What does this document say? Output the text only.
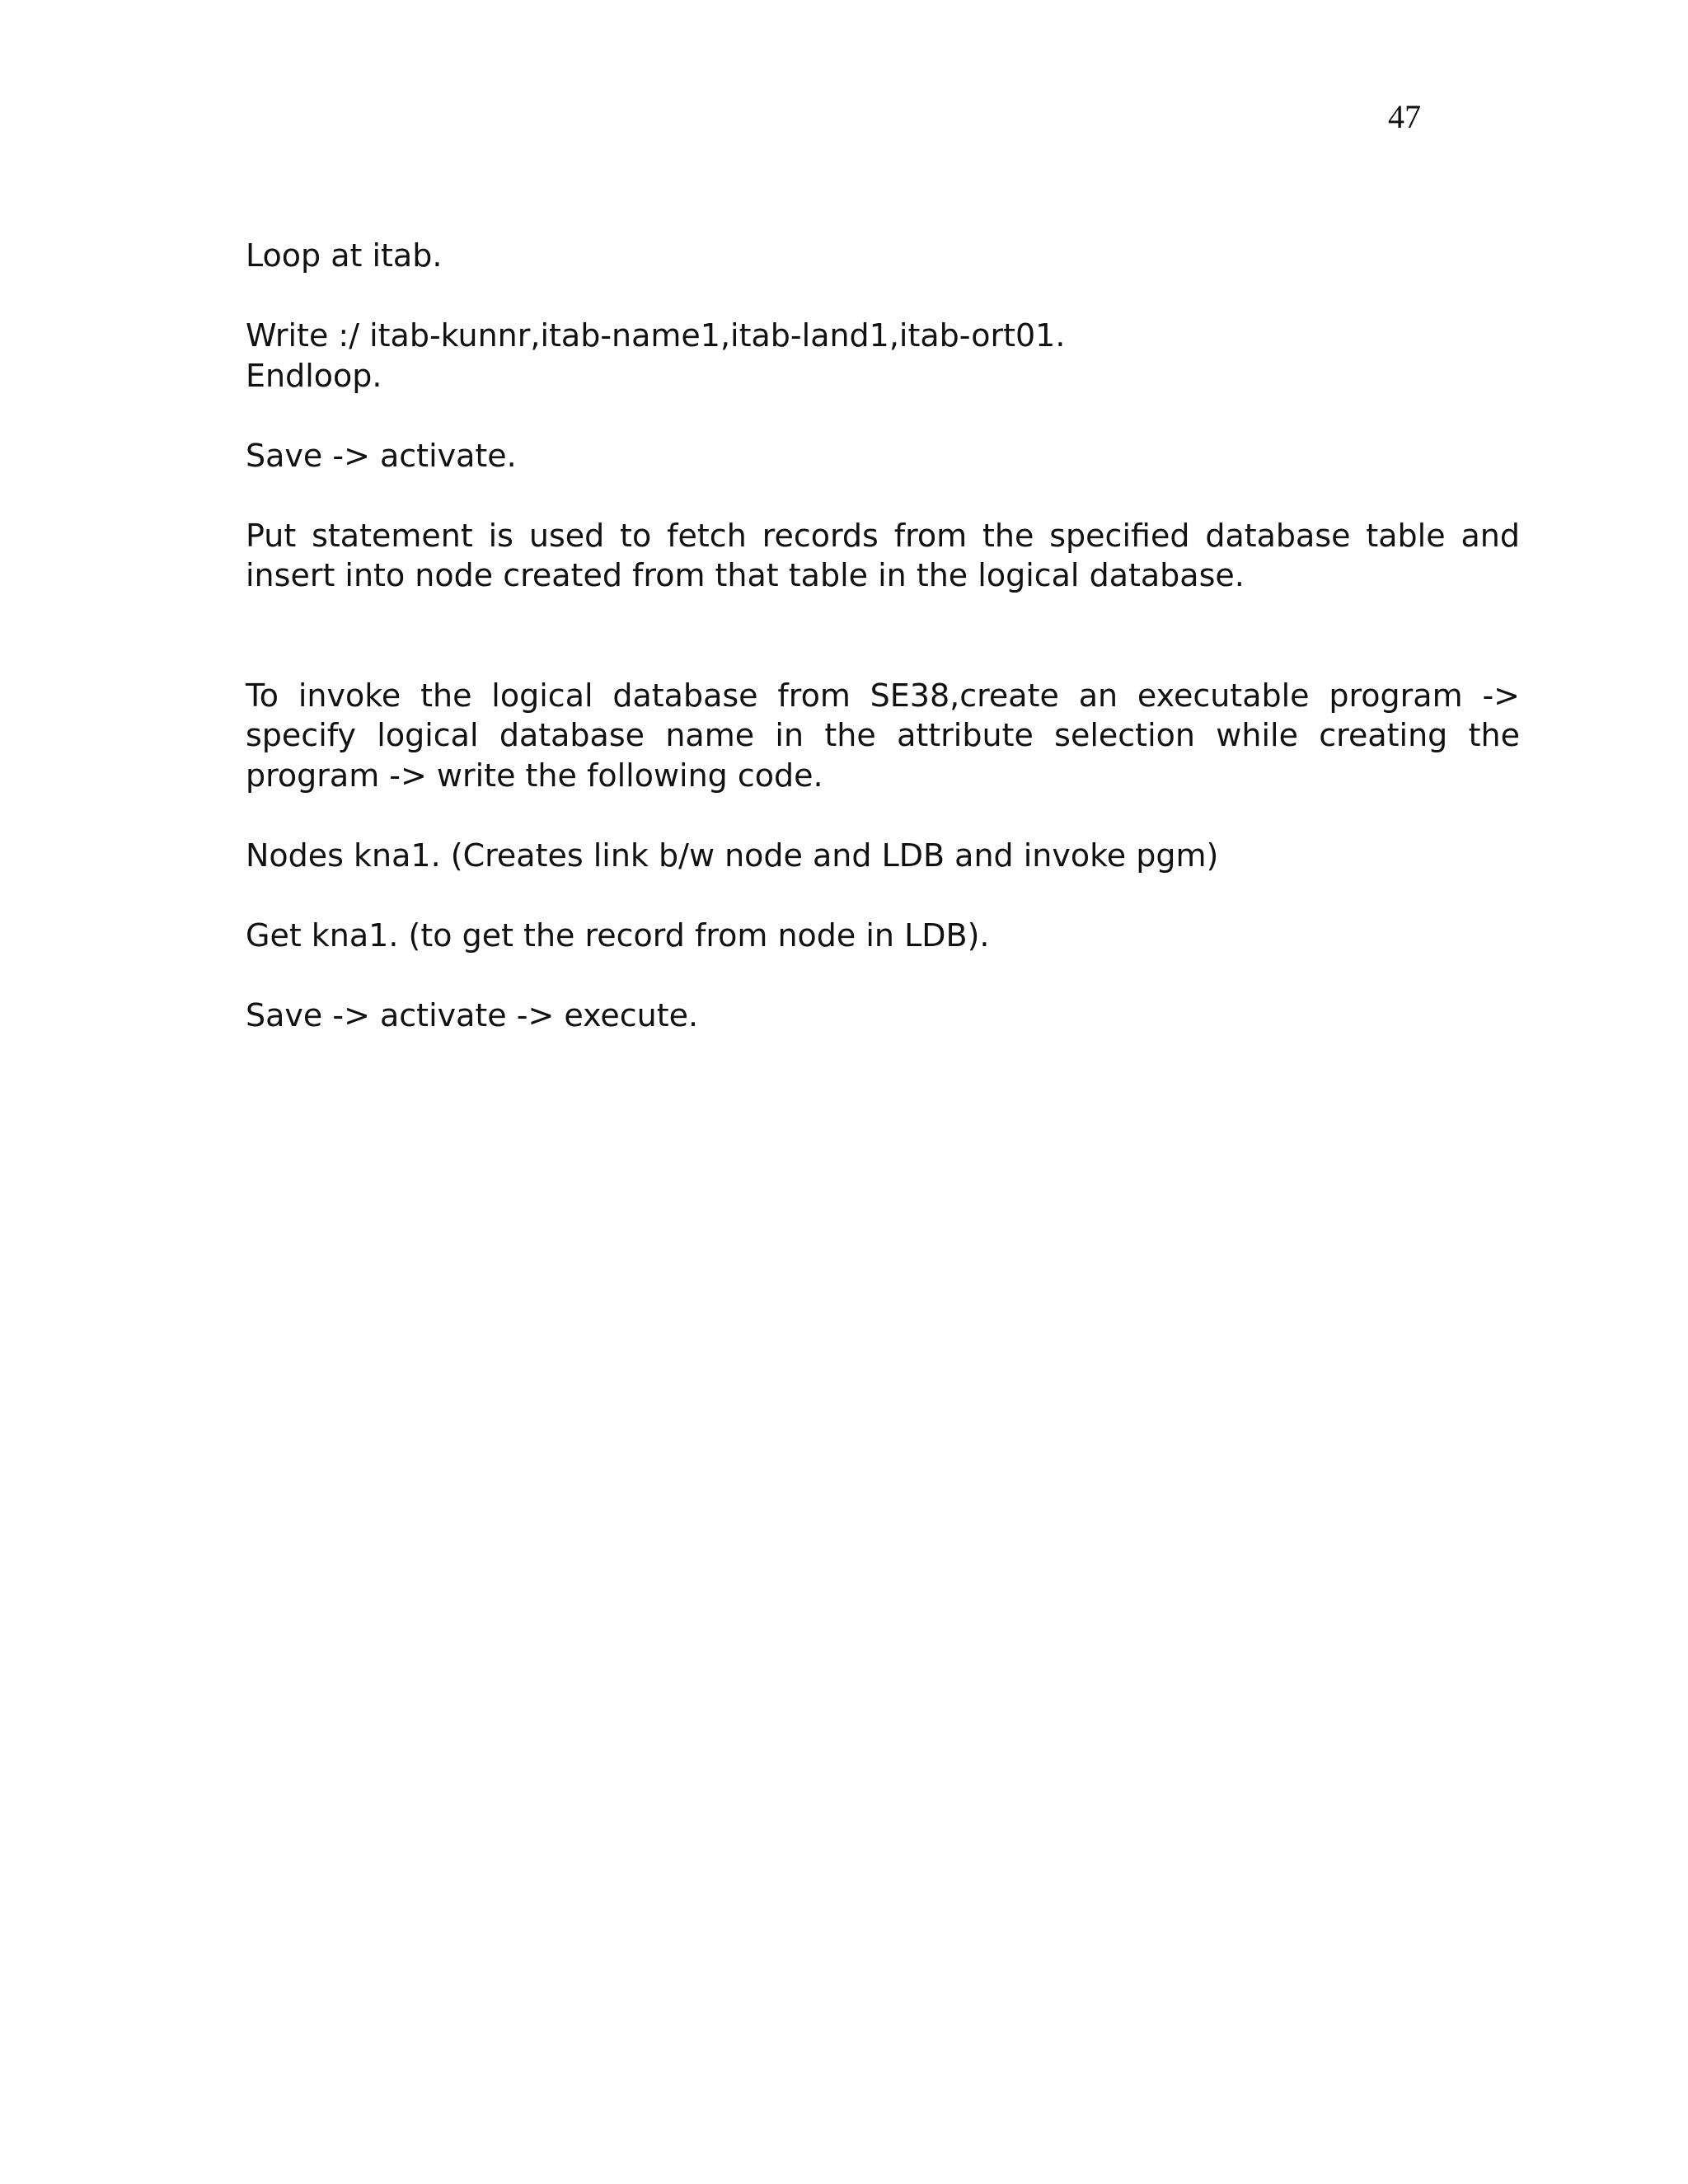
47

Loop at itab.

Write :/ itab-kunnr,itab-name1,itab-land1,itab-ort01.
Endloop.

Save -> activate.

Put statement is used to fetch records from the specified database table and insert into node created from that table in the logical database.

To invoke the logical database from SE38,create an executable program -> specify logical database name in the attribute selection while creating the program -> write the following code.

Nodes kna1. (Creates link b/w node and LDB and invoke pgm)

Get kna1. (to get the record from node in LDB).

Save -> activate -> execute.
